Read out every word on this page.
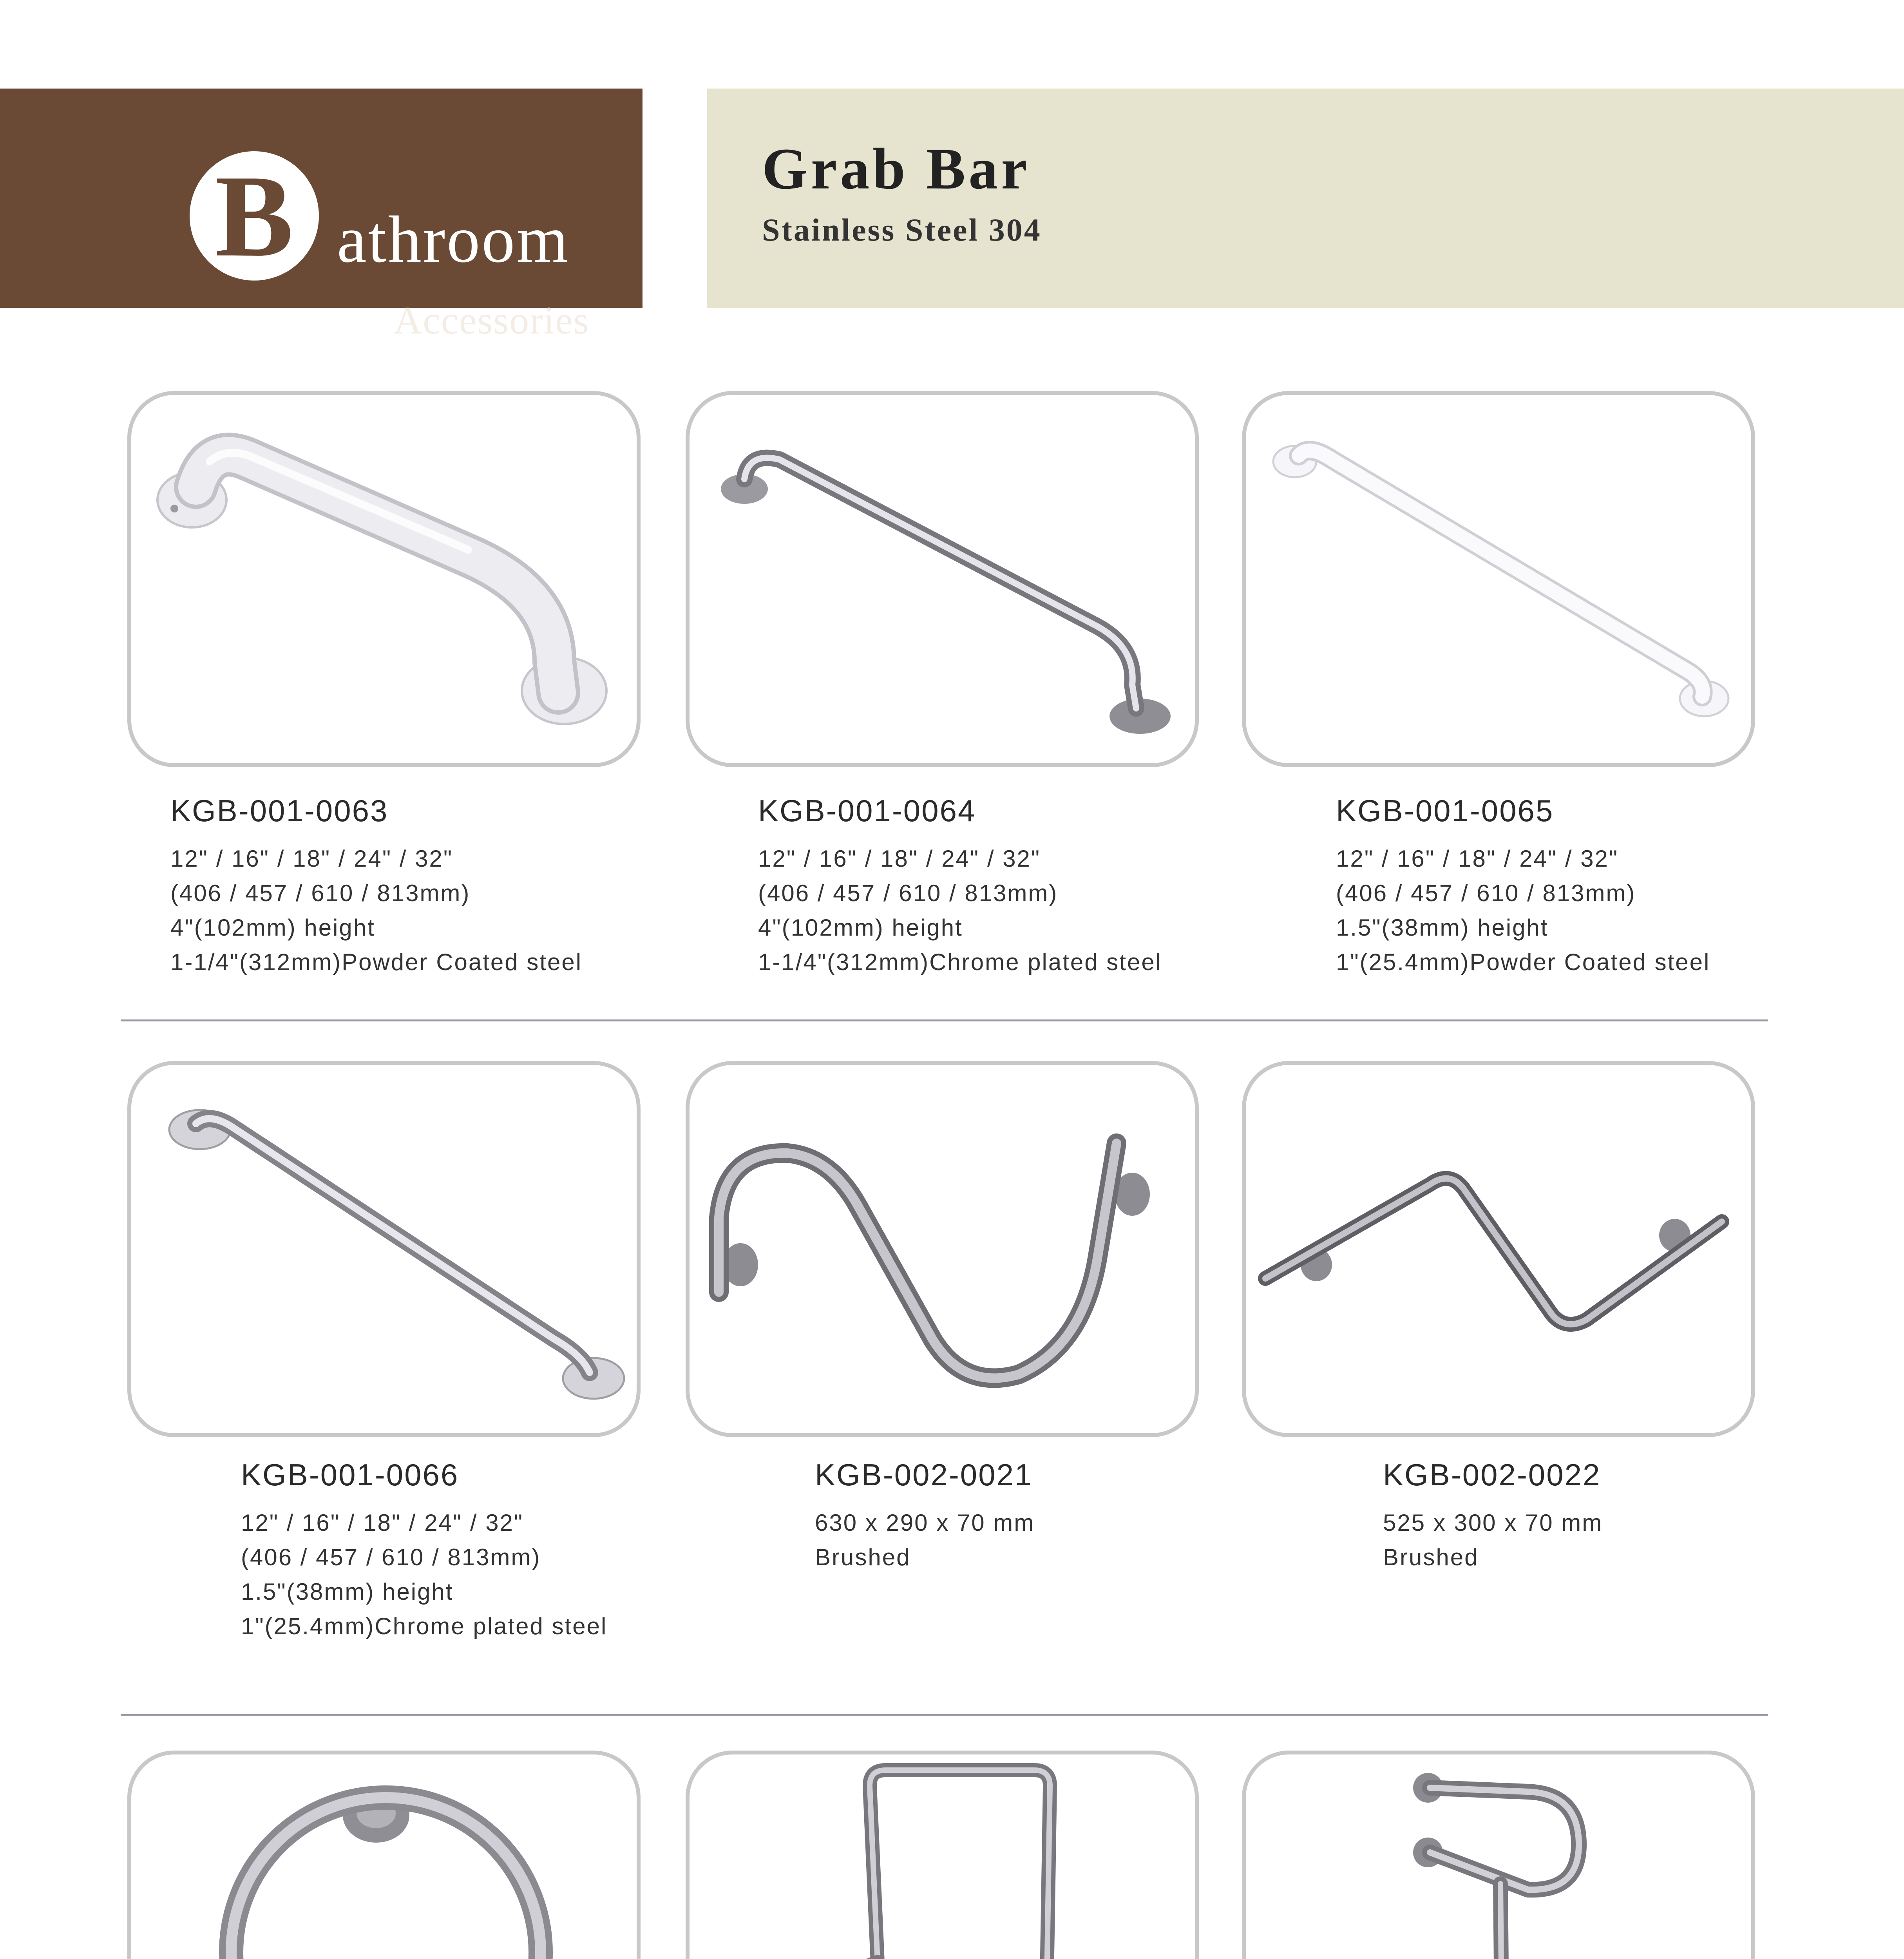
B athroom
Accessories
Grab Bar
Stainless Steel 304
KGB-001-0063

12" / 16" / 18" / 24" / 32"

(406 / 457 / 610 / 813mm)

4"(102mm) height

1-1/4"(312mm)Powder Coated steel

KGB-001-0064

12" / 16" / 18" / 24" / 32"

(406 / 457 / 610 / 813mm)

4"(102mm) height

1-1/4"(312mm)Chrome plated steel

KGB-001-0065

12" / 16" / 18" / 24" / 32"

(406 / 457 / 610 / 813mm)

1.5"(38mm) height

1"(25.4mm)Powder Coated steel

KGB-001-0066

12" / 16" / 18" / 24" / 32"

(406 / 457 / 610 / 813mm)

1.5"(38mm) height

1"(25.4mm)Chrome plated steel

KGB-002-0021

630 x 290 x 70 mm

Brushed

KGB-002-0022

525 x 300 x 70 mm

Brushed
